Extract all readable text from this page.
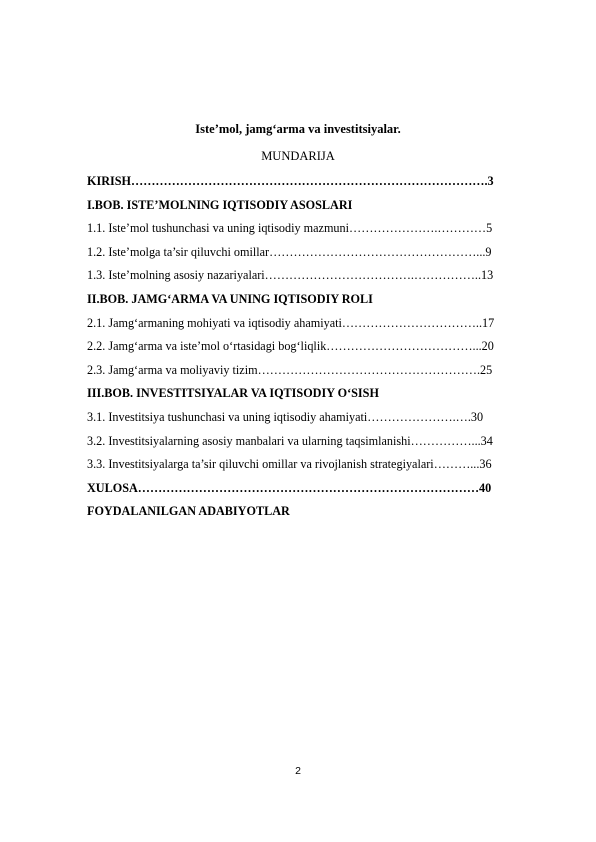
Iste’mol, jamg‘arma va investitsiyalar.
MUNDARIJA
KIRISH…………………………………………………………………………….3
I.BOB. ISTE’MOLNING IQTISODIY ASOSLARI
1.1. Iste’mol tushunchasi va uning iqtisodiy mazmuni………………….…………5
1.2. Iste’molga ta’sir qiluvchi omillar……………………………………………...9
1.3. Iste’molning asosiy nazariyalari……………………………….……………..13
II.BOB. JAMG‘ARMA VA UNING IQTISODIY ROLI
2.1. Jamg‘armaning mohiyati va iqtisodiy ahamiyati……………………………..17
2.2. Jamg‘arma va iste’mol o‘rtasidagi bog‘liqlik………………………………...20
2.3. Jamg‘arma va moliyaviy tizim……………………………………………….25
III.BOB. INVESTITSIYALAR VA IQTISODIY O‘SISH
3.1. Investitsiya tushunchasi va uning iqtisodiy ahamiyati………………….….30
3.2. Investitsiyalarning asosiy manbalari va ularning taqsimlanishi……………...34
3.3. Investitsiyalarga ta’sir qiluvchi omillar va rivojlanish strategiyalari………...36
XULOSA…………………………………………………………………………40
FOYDALANILGAN ADABIYOTLAR
2
